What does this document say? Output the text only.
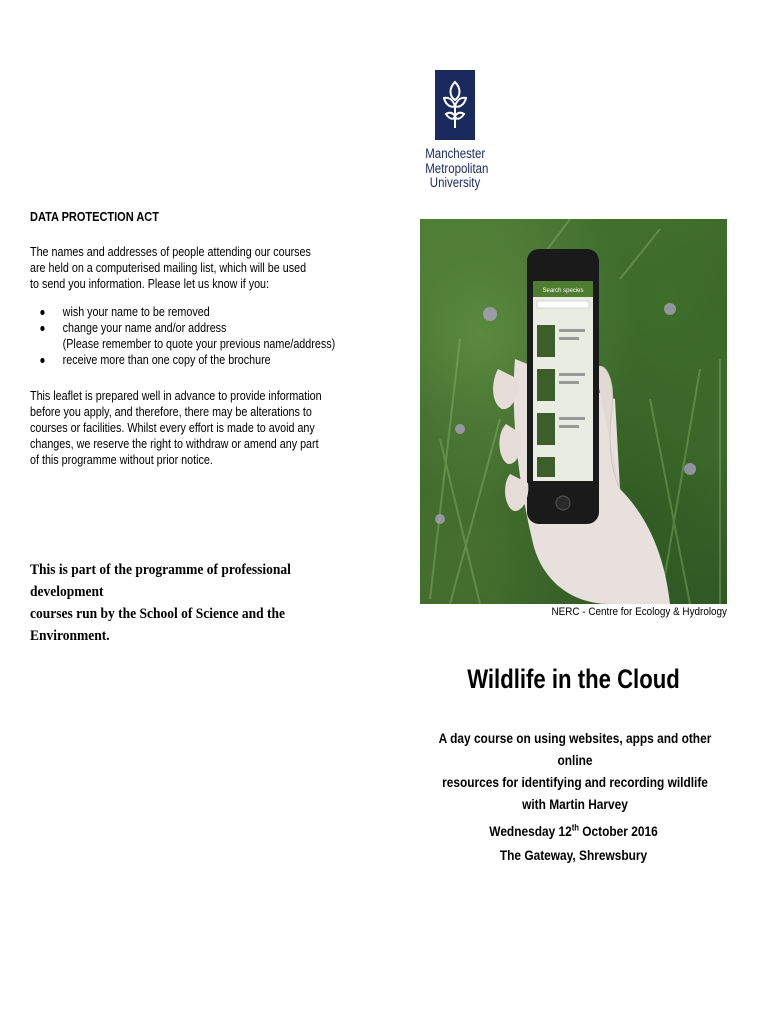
DATA PROTECTION ACT
The names and addresses of people attending our courses
are held on a computerised mailing list, which will be used
to send you information. Please let us know if you:
wish your name to be removed
change your name and/or address
(Please remember to quote your previous name/address)
receive more than one copy of the brochure
This leaflet is prepared well in advance to provide information
before you apply, and therefore, there may be alterations to
courses or facilities. Whilst every effort is made to avoid any
changes, we reserve the right to withdraw or amend any part
of this programme without prior notice.
This is part of the programme of professional development
courses run by the School of Science and the Environment.
Manchester
Metropolitan
University
Search species
NERC - Centre for Ecology & Hydrology
Wildlife in the Cloud
A day course on using websites, apps and other online
resources for identifying and recording wildlife
with Martin Harvey
Wednesday 12th October 2016
The Gateway, Shrewsbury
